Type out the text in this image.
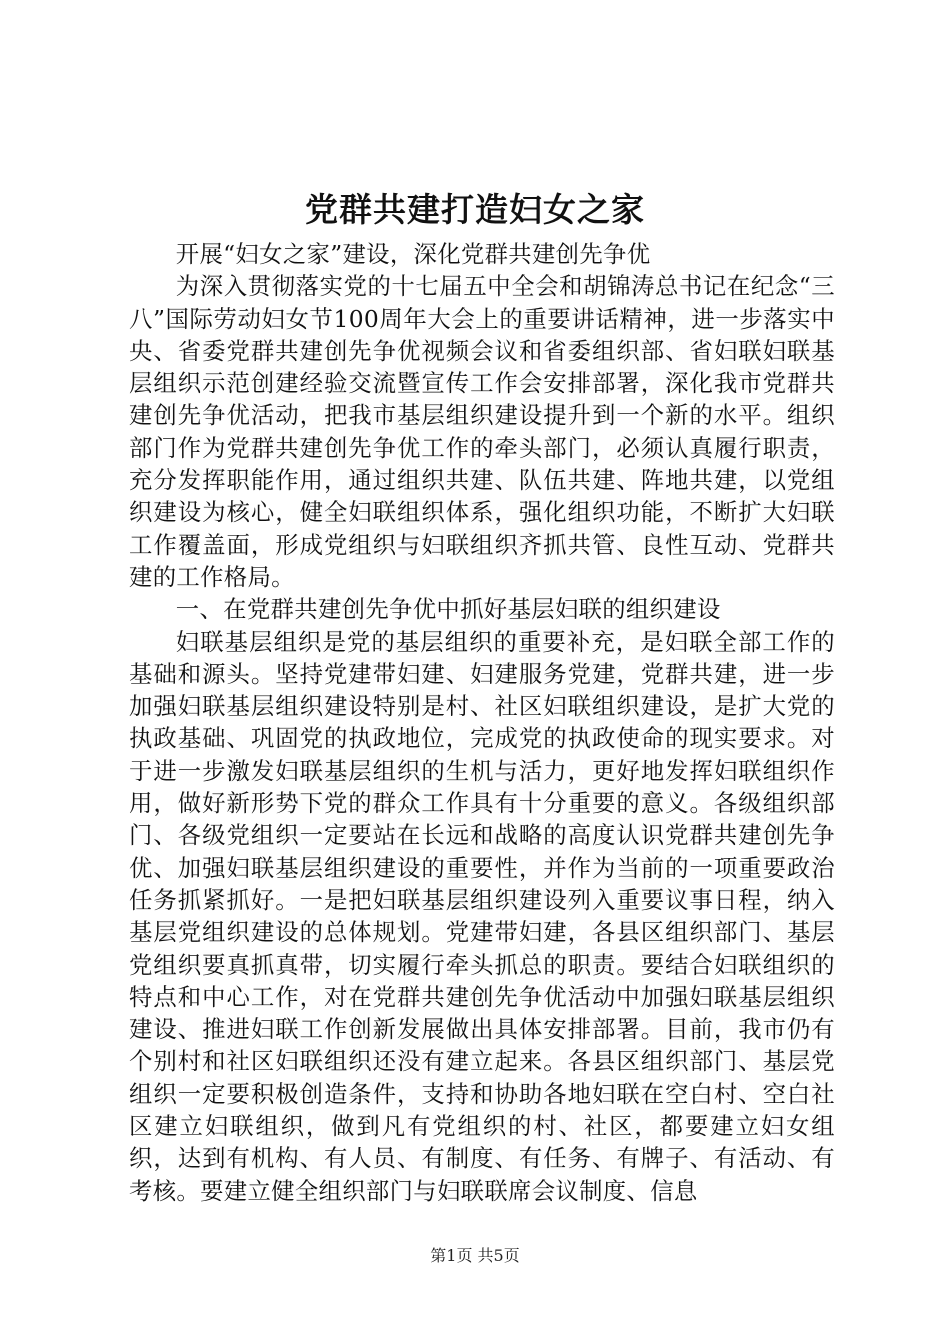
党群共建打造妇女之家

开展“妇女之家”建设，深化党群共建创先争优

为深入贯彻落实党的十七届五中全会和胡锦涛总书记在纪念“三八”国际劳动妇女节100周年大会上的重要讲话精神，进一步落实中央、省委党群共建创先争优视频会议和省委组织部、省妇联妇联基层组织示范创建经验交流暨宣传工作会安排部署，深化我市党群共建创先争优活动，把我市基层组织建设提升到一个新的水平。组织部门作为党群共建创先争优工作的牵头部门，必须认真履行职责，充分发挥职能作用，通过组织共建、队伍共建、阵地共建，以党组织建设为核心，健全妇联组织体系，强化组织功能，不断扩大妇联工作覆盖面，形成党组织与妇联组织齐抓共管、良性互动、党群共建的工作格局。

一、在党群共建创先争优中抓好基层妇联的组织建设

妇联基层组织是党的基层组织的重要补充，是妇联全部工作的基础和源头。坚持党建带妇建、妇建服务党建，党群共建，进一步加强妇联基层组织建设特别是村、社区妇联组织建设，是扩大党的执政基础、巩固党的执政地位，完成党的执政使命的现实要求。对于进一步激发妇联基层组织的生机与活力，更好地发挥妇联组织作用，做好新形势下党的群众工作具有十分重要的意义。各级组织部门、各级党组织一定要站在长远和战略的高度认识党群共建创先争优、加强妇联基层组织建设的重要性，并作为当前的一项重要政治任务抓紧抓好。一是把妇联基层组织建设列入重要议事日程，纳入基层党组织建设的总体规划。党建带妇建，各县区组织部门、基层党组织要真抓真带，切实履行牵头抓总的职责。要结合妇联组织的特点和中心工作，对在党群共建创先争优活动中加强妇联基层组织建设、推进妇联工作创新发展做出具体安排部署。目前，我市仍有个别村和社区妇联组织还没有建立起来。各县区组织部门、基层党组织一定要积极创造条件，支持和协助各地妇联在空白村、空白社区建立妇联组织，做到凡有党组织的村、社区，都要建立妇女组织，达到有机构、有人员、有制度、有任务、有牌子、有活动、有考核。要建立健全组织部门与妇联联席会议制度、信息

第1页 共5页
